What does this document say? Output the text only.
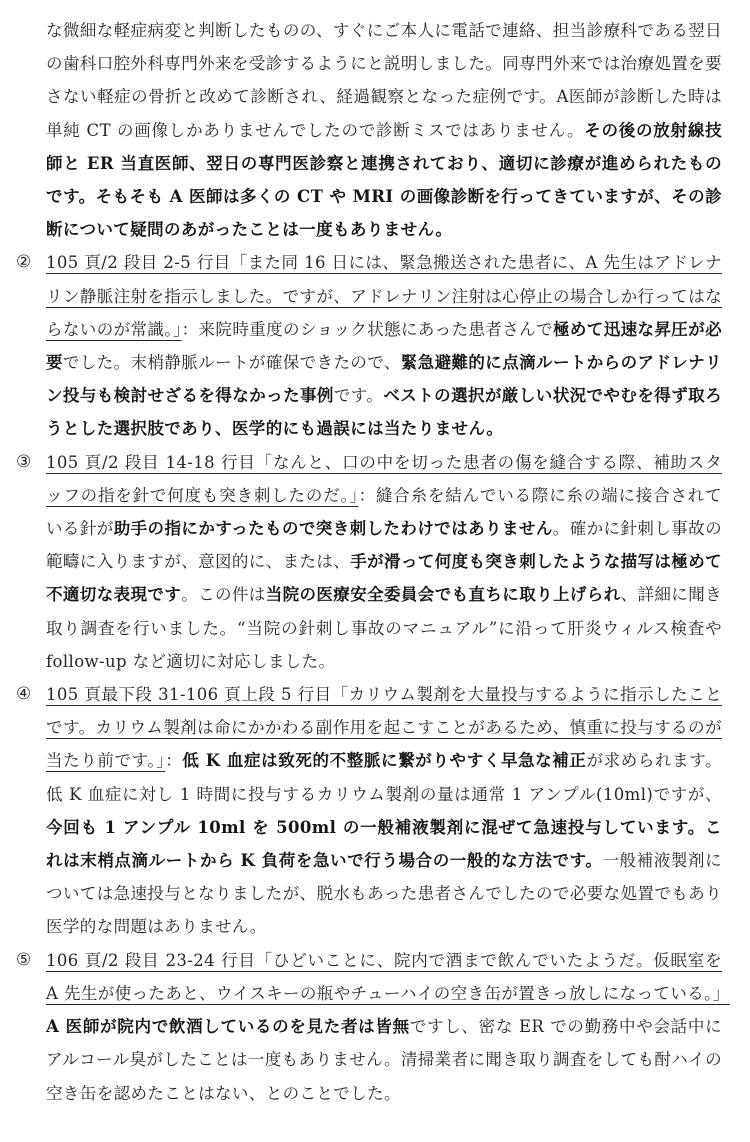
な微細な軽症病変と判断したものの、すぐにご本人に電話で連絡、担当診療科である翌日の歯科口腔外科専門外来を受診するようにと説明しました。同専門外来では治療処置を要さない軽症の骨折と改めて診断され、経過観察となった症例です。A医師が診断した時は単純 CT の画像しかありませんでしたので診断ミスではありません。その後の放射線技師と ER 当直医師、翌日の専門医診察と連携されており、適切に診療が進められたものです。そもそも A 医師は多くの CT や MRI の画像診断を行ってきていますが、その診断について疑問のあがったことは一度もありません。
② 105 頁/2 段目 2-5 行目「また同 16 日には、緊急搬送された患者に、A 先生はアドレナリン静脈注射を指示しました。ですが、アドレナリン注射は心停止の場合しか行ってはならないのが常識。」：来院時重度のショック状態にあった患者さんで極めて迅速な昇圧が必要でした。末梢静脈ルートが確保できたので、緊急避難的に点滴ルートからのアドレナリン投与も検討せざるを得なかった事例です。ベストの選択が厳しい状況でやむを得ず取ろうとした選択肢であり、医学的にも過誤には当たりません。
③ 105 頁/2 段目 14-18 行目「なんと、口の中を切った患者の傷を縫合する際、補助スタッフの指を針で何度も突き刺したのだ。」：縫合糸を結んでいる際に糸の端に接合されている針が助手の指にかすったもので突き刺したわけではありません。確かに針刺し事故の範疇に入りますが、意図的に、または、手が滑って何度も突き刺したような描写は極めて不適切な表現です。この件は当院の医療安全委員会でも直ちに取り上げられ、詳細に聞き取り調査を行いました。“当院の針刺し事故のマニュアル”に沿って肝炎ウィルス検査や follow-up など適切に対応しました。
④ 105 頁最下段 31-106 頁上段 5 行目「カリウム製剤を大量投与するように指示したことです。カリウム製剤は命にかかわる副作用を起こすことがあるため、慎重に投与するのが当たり前です。」：低 K 血症は致死的不整脈に繋がりやすく早急な補正が求められます。低 K 血症に対し 1 時間に投与するカリウム製剤の量は通常 1 アンプル(10ml)ですが、今回も 1 アンプル 10ml を 500ml の一般補液製剤に混ぜて急速投与しています。これは末梢点滴ルートから K 負荷を急いで行う場合の一般的な方法です。一般補液製剤については急速投与となりましたが、脱水もあった患者さんでしたので必要な処置でもあり医学的な問題はありません。
⑤ 106 頁/2 段目 23-24 行目「ひどいことに、院内で酒まで飲んでいたようだ。仮眠室を A 先生が使ったあと、ウイスキーの瓶やチューハイの空き缶が置きっ放しになっている。」A 医師が院内で飲酒しているのを見た者は皆無ですし、密な ER での勤務中や会話中にアルコール臭がしたことは一度もありません。清掃業者に聞き取り調査をしても酎ハイの空き缶を認めたことはない、とのことでした。
